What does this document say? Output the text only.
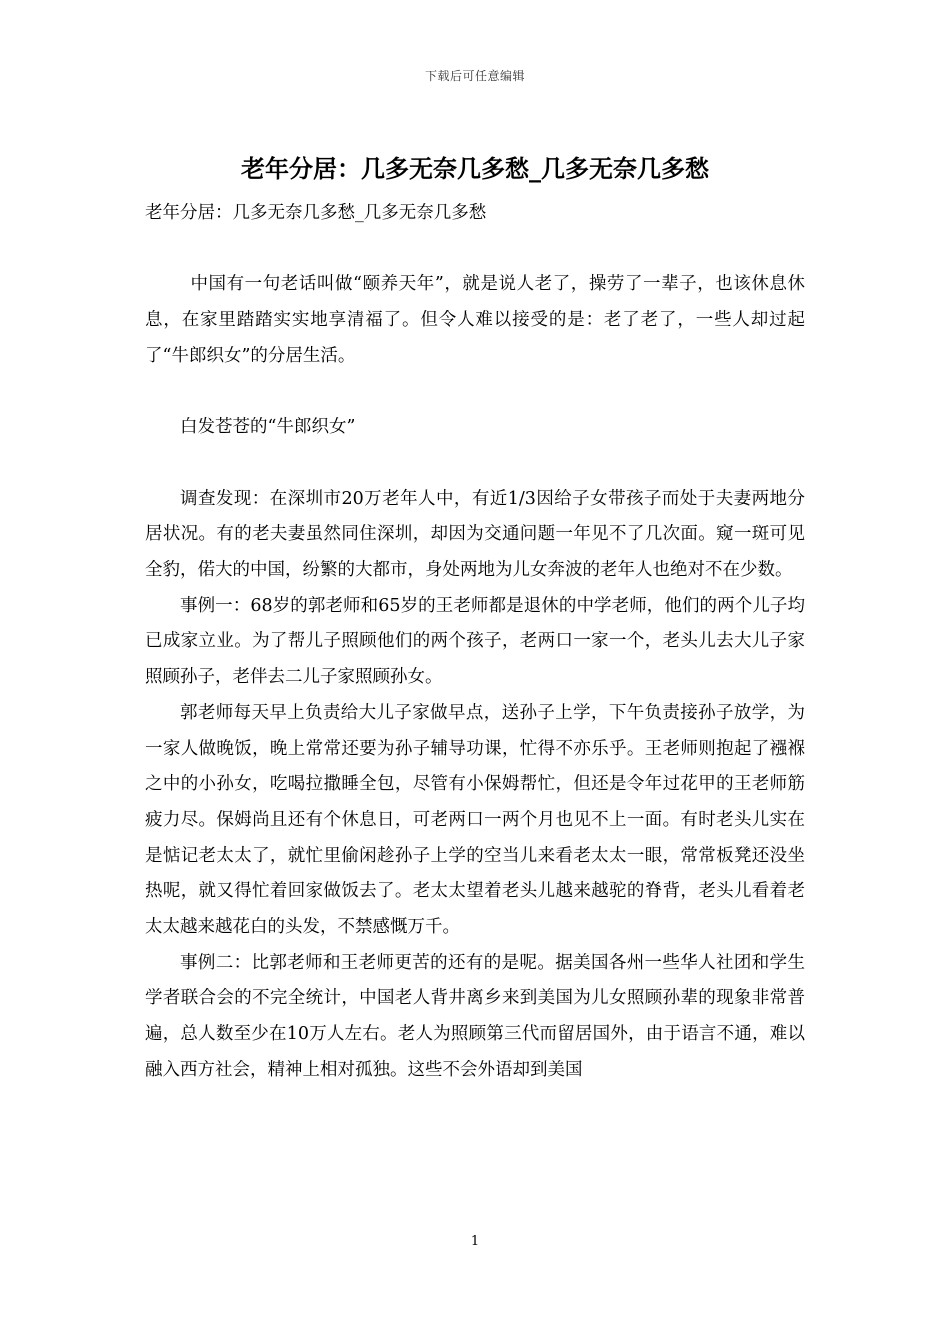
下载后可任意编辑
老年分居：几多无奈几多愁_几多无奈几多愁

老年分居：几多无奈几多愁_几多无奈几多愁

中国有一句老话叫做“颐养天年”，就是说人老了，操劳了一辈子，也该休息休息，在家里踏踏实实地享清福了。但令人难以接受的是：老了老了，一些人却过起了“牛郎织女”的分居生活。

白发苍苍的“牛郎织女”

调查发现：在深圳市20万老年人中，有近1/3因给子女带孩子而处于夫妻两地分居状况。有的老夫妻虽然同住深圳，却因为交通问题一年见不了几次面。窥一斑可见全豹，偌大的中国，纷繁的大都市，身处两地为儿女奔波的老年人也绝对不在少数。

事例一：68岁的郭老师和65岁的王老师都是退休的中学老师，他们的两个儿子均已成家立业。为了帮儿子照顾他们的两个孩子，老两口一家一个，老头儿去大儿子家照顾孙子，老伴去二儿子家照顾孙女。

郭老师每天早上负责给大儿子家做早点，送孙子上学，下午负责接孙子放学，为一家人做晚饭，晚上常常还要为孙子辅导功课，忙得不亦乐乎。王老师则抱起了襁褓之中的小孙女，吃喝拉撒睡全包，尽管有小保姆帮忙，但还是令年过花甲的王老师筋疲力尽。保姆尚且还有个休息日，可老两口一两个月也见不上一面。有时老头儿实在是惦记老太太了，就忙里偷闲趁孙子上学的空当儿来看老太太一眼，常常板凳还没坐热呢，就又得忙着回家做饭去了。老太太望着老头儿越来越驼的脊背，老头儿看着老太太越来越花白的头发，不禁感慨万千。

事例二：比郭老师和王老师更苦的还有的是呢。据美国各州一些华人社团和学生学者联合会的不完全统计，中国老人背井离乡来到美国为儿女照顾孙辈的现象非常普遍，总人数至少在10万人左右。老人为照顾第三代而留居国外，由于语言不通，难以融入西方社会，精神上相对孤独。这些不会外语却到美国

1
